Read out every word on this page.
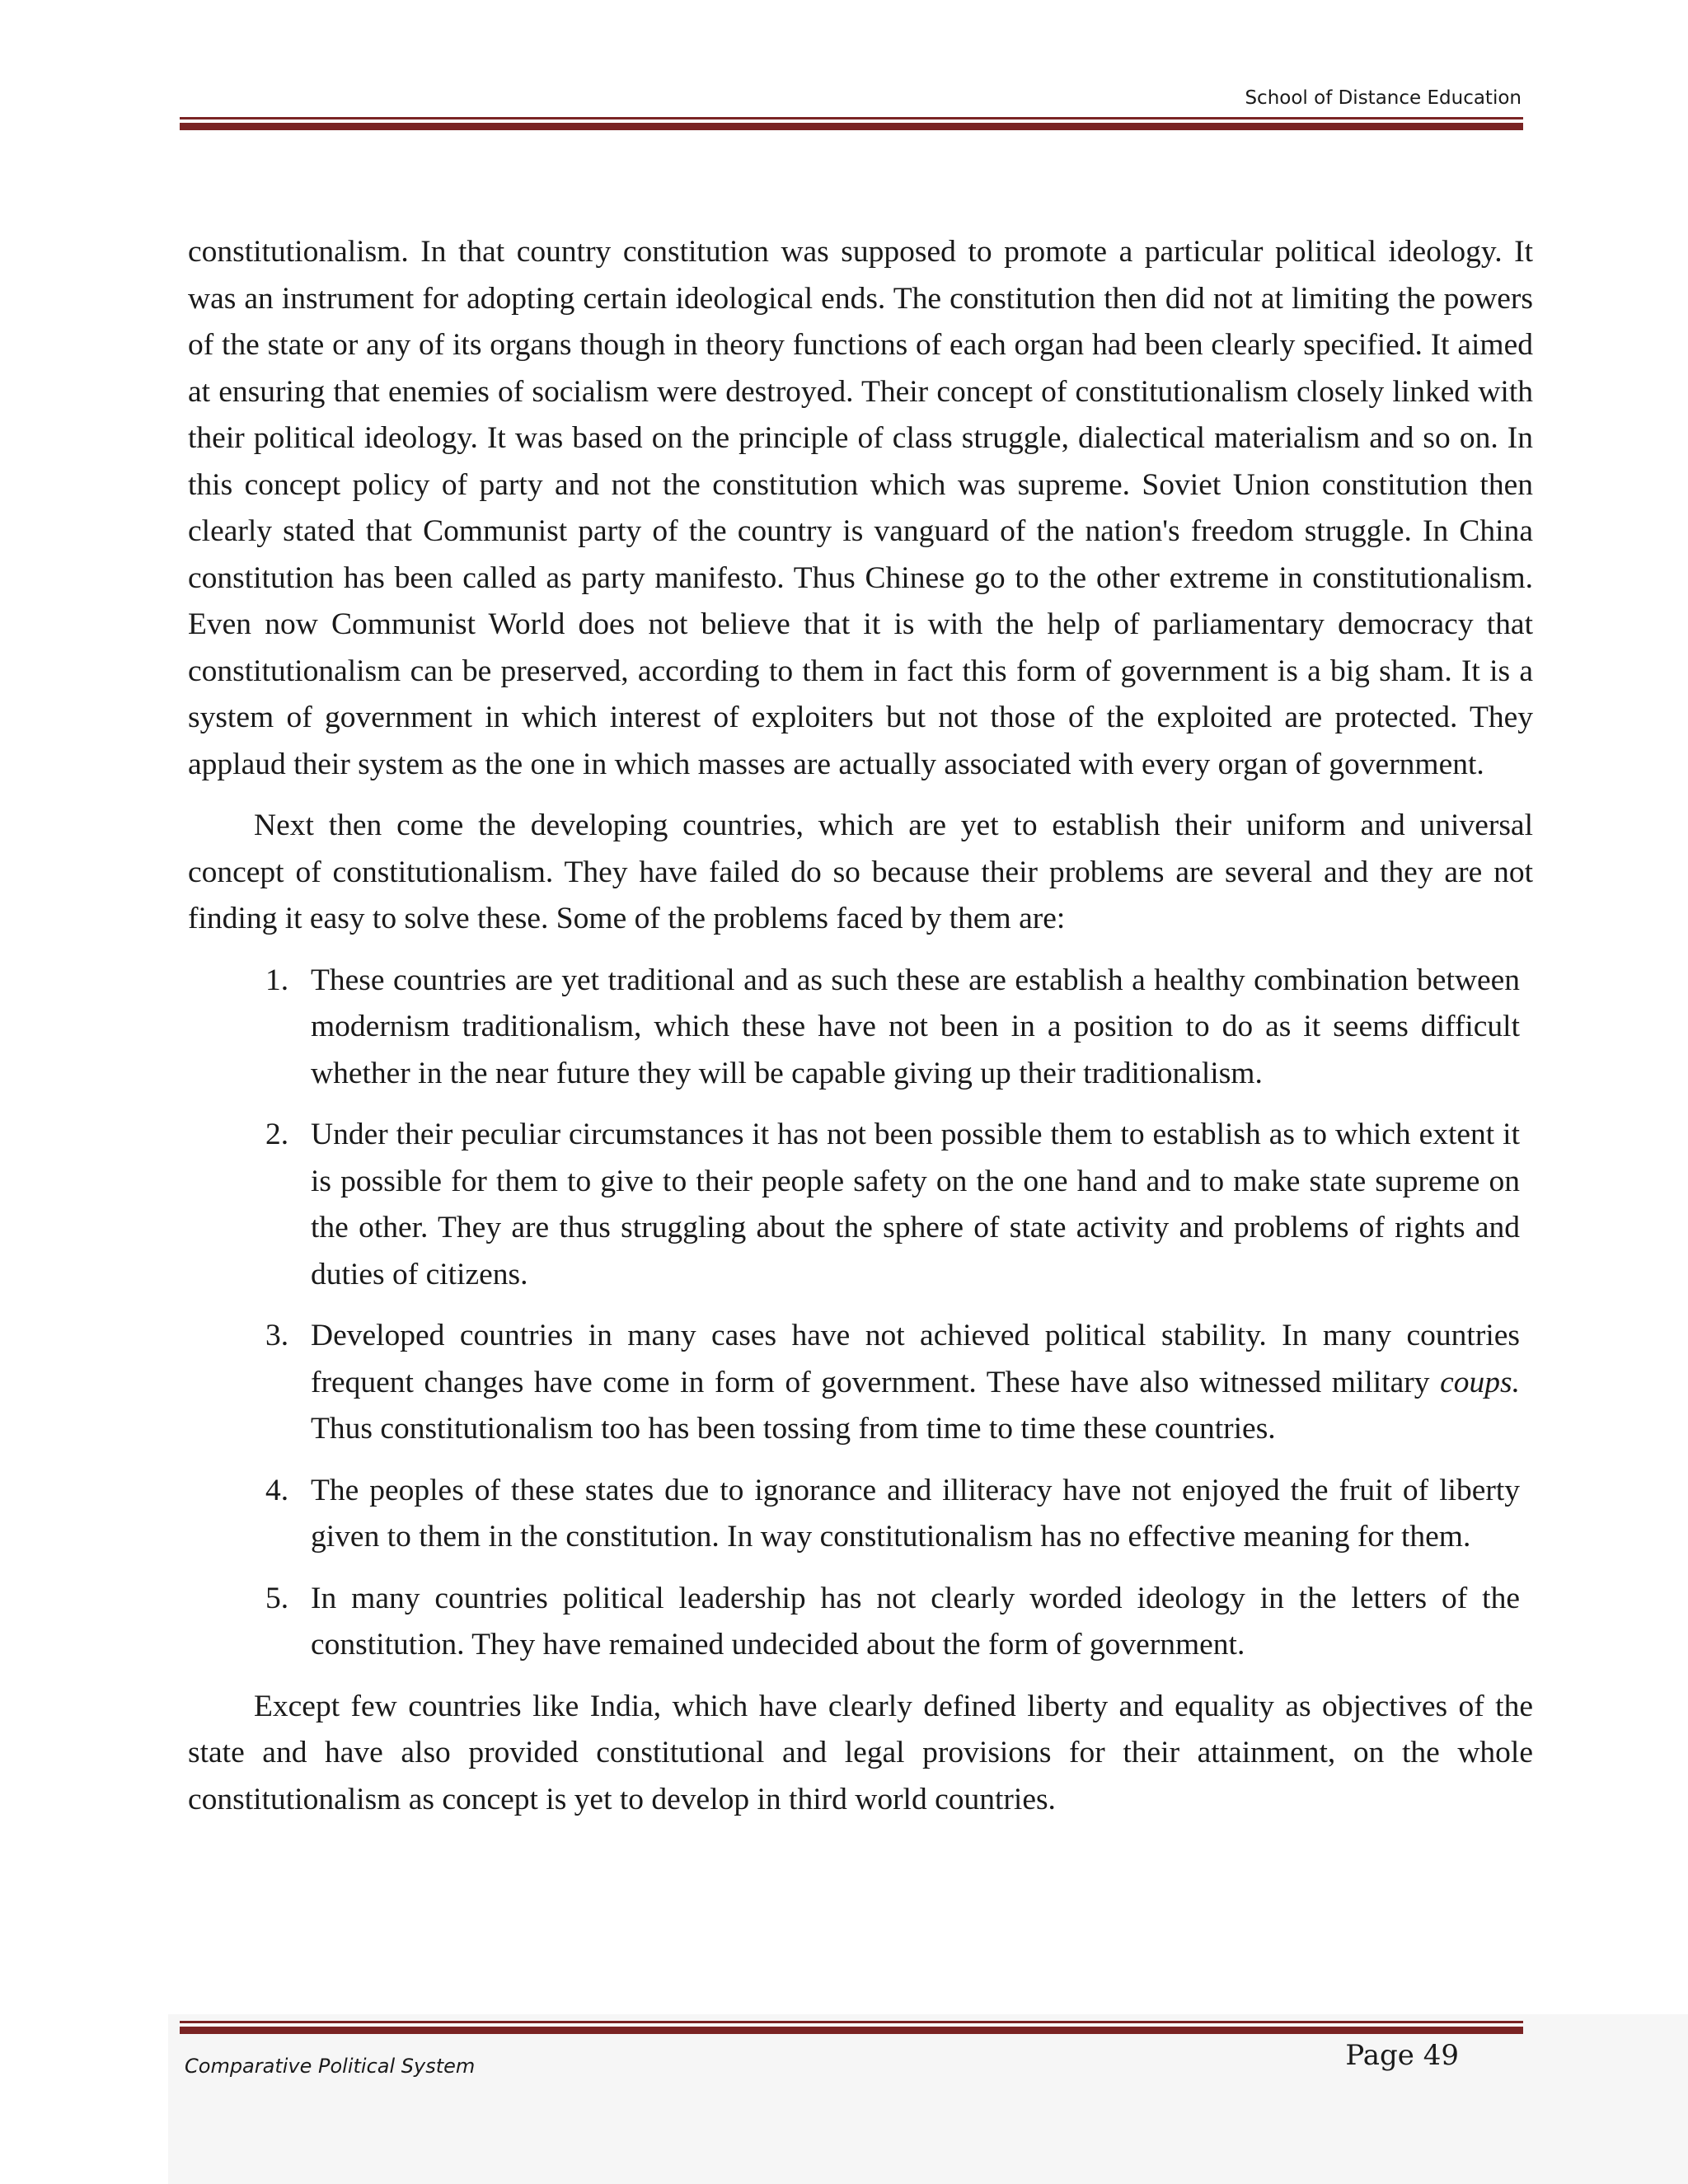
School of Distance Education

constitutionalism. In that country constitution was supposed to promote a particular political ideology. It was an instrument for adopting certain ideological ends. The constitution then did not at limiting the powers of the state or any of its organs though in theory functions of each organ had been clearly specified. It aimed at ensuring that enemies of socialism were destroyed. Their concept of constitutionalism closely linked with their political ideology. It was based on the principle of class struggle, dialectical materialism and so on. In this concept policy of party and not the constitution which was supreme. Soviet Union constitution then clearly stated that Communist party of the country is vanguard of the nation's freedom struggle. In China constitution has been called as party manifesto. Thus Chinese go to the other extreme in constitutionalism. Even now Communist World does not believe that it is with the help of parliamentary democracy that constitutionalism can be preserved, according to them in fact this form of government is a big sham. It is a system of government in which interest of exploiters but not those of the exploited are protected. They applaud their system as the one in which masses are actually associated with every organ of government.

Next then come the developing countries, which are yet to establish their uniform and universal concept of constitutionalism. They have failed do so because their problems are several and they are not finding it easy to solve these. Some of the problems faced by them are:

1. These countries are yet traditional and as such these are establish a healthy combination between modernism traditionalism, which these have not been in a position to do as it seems difficult whether in the near future they will be capable giving up their traditionalism.
2. Under their peculiar circumstances it has not been possible them to establish as to which extent it is possible for them to give to their people safety on the one hand and to make state supreme on the other. They are thus struggling about the sphere of state activity and problems of rights and duties of citizens.
3. Developed countries in many cases have not achieved political stability. In many countries frequent changes have come in form of government. These have also witnessed military coups. Thus constitutionalism too has been tossing from time to time these countries.
4. The peoples of these states due to ignorance and illiteracy have not enjoyed the fruit of liberty given to them in the constitution. In way constitutionalism has no effective meaning for them.
5. In many countries political leadership has not clearly worded ideology in the letters of the constitution. They have remained undecided about the form of government.

Except few countries like India, which have clearly defined liberty and equality as objectives of the state and have also provided constitutional and legal provisions for their attainment, on the whole constitutionalism as concept is yet to develop in third world countries.

Comparative Political System	Page 49
